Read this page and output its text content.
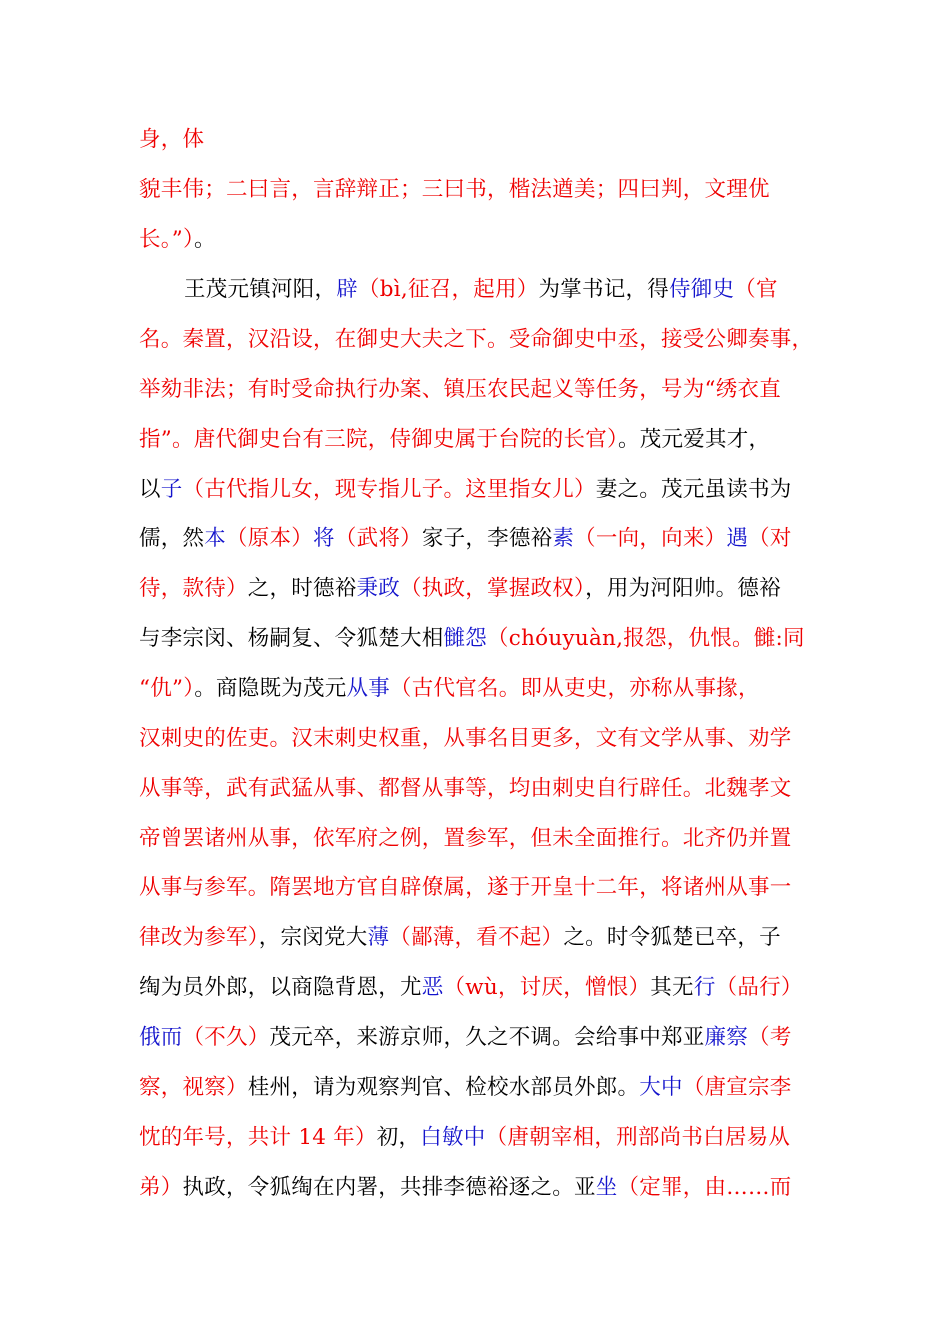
身，体
貌丰伟；二曰言，言辞辩正；三曰书，楷法遒美；四曰判，文理优
长。”）。
王茂元镇河阳，辟（bì,征召，起用）为掌书记，得侍御史（官
名。秦置，汉沿设，在御史大夫之下。受命御史中丞，接受公卿奏事，
举劾非法；有时受命执行办案、镇压农民起义等任务，号为“绣衣直
指”。唐代御史台有三院，侍御史属于台院的长官）。茂元爱其才，
以子（古代指儿女，现专指儿子。这里指女儿）妻之。茂元虽读书为
儒，然本（原本）将（武将）家子，李德裕素（一向，向来）遇（对
待，款待）之，时德裕秉政（执政，掌握政权），用为河阳帅。德裕
与李宗闵、杨嗣复、令狐楚大相雠怨（chóuyuàn,报怨，仇恨。雠:同
“仇”）。商隐既为茂元从事（古代官名。即从吏史，亦称从事掾，
汉刺史的佐吏。汉末刺史权重，从事名目更多，文有文学从事、劝学
从事等，武有武猛从事、都督从事等，均由刺史自行辟任。北魏孝文
帝曾罢诸州从事，依军府之例，置参军，但未全面推行。北齐仍并置
从事与参军。隋罢地方官自辟僚属，遂于开皇十二年，将诸州从事一
律改为参军），宗闵党大薄（鄙薄，看不起）之。时令狐楚已卒，子
绹为员外郎，以商隐背恩，尤恶（wù，讨厌，憎恨）其无行（品行）
俄而（不久）茂元卒，来游京师，久之不调。会给事中郑亚廉察（考
察，视察）桂州，请为观察判官、检校水部员外郎。大中（唐宣宗李
忱的年号，共计 14 年）初，白敏中（唐朝宰相，刑部尚书白居易从
弟）执政，令狐绹在内署，共排李德裕逐之。亚坐（定罪，由……而
